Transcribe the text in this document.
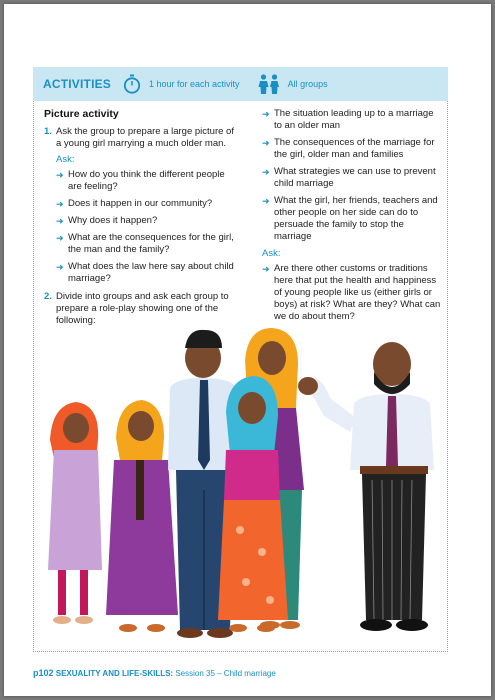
ACTIVITIES	1 hour for each activity	All groups
Picture activity
1. Ask the group to prepare a large picture of a young girl marrying a much older man.
Ask:
➜ How do you think the different people are feeling?
➜ Does it happen in our community?
➜ Why does it happen?
➜ What are the consequences for the girl, the man and the family?
➜ What does the law here say about child marriage?
2. Divide into groups and ask each group to prepare a role-play showing one of the following:
➜ The situation leading up to a marriage to an older man
➜ The consequences of the marriage for the girl, older man and families
➜ What strategies we can use to prevent child marriage
➜ What the girl, her friends, teachers and other people on her side can do to persuade the family to stop the marriage
Ask:
➜ Are there other customs or traditions here that put the health and happiness of young people like us (either girls or boys) at risk? What are they? What can we do about them?
p102 SEXUALITY AND LIFE-SKILLS: Session 35 – Child marriage
